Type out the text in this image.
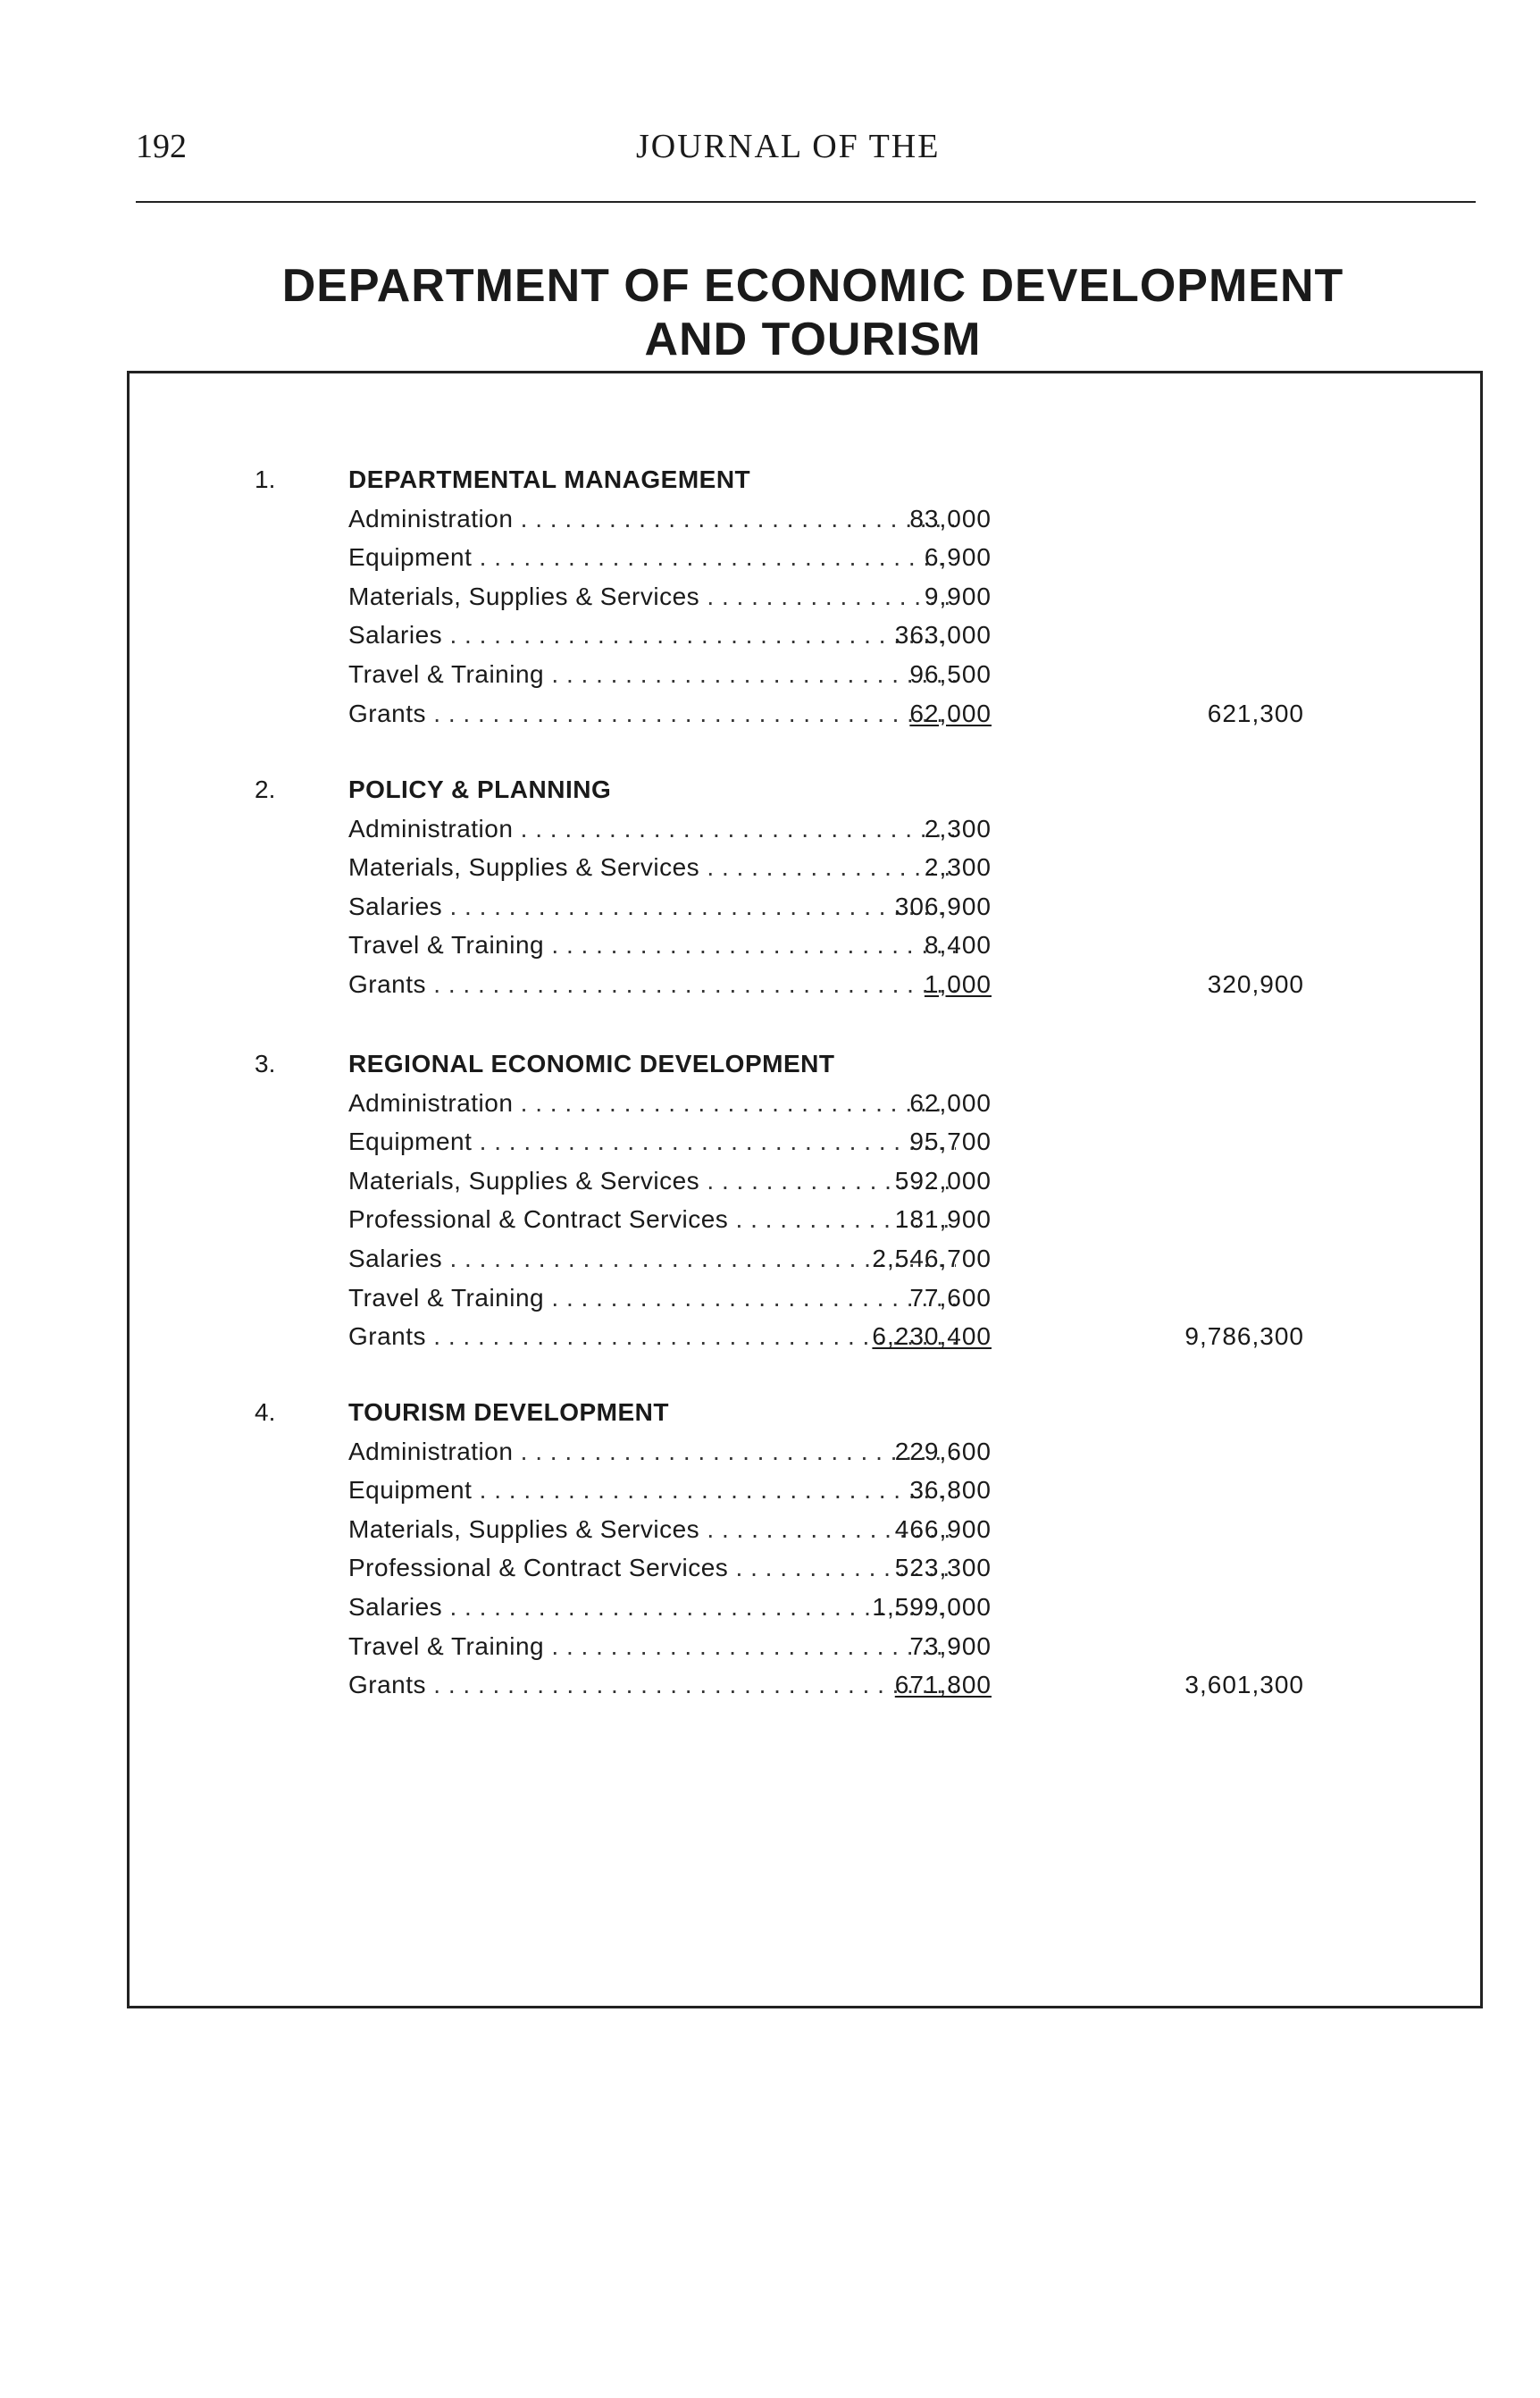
192	JOURNAL OF THE
DEPARTMENT OF ECONOMIC DEVELOPMENT
AND TOURISM
1.	DEPARTMENTAL MANAGEMENT
Administration . . .	83,000
Equipment . . .	6,900
Materials, Supplies & Services . . .	9,900
Salaries . . .	363,000
Travel & Training . . .	96,500
Grants . . .	62,000	621,300
2.	POLICY & PLANNING
Administration . . .	2,300
Materials, Supplies & Services . . .	2,300
Salaries . . .	306,900
Travel & Training . . .	8,400
Grants . . .	1,000	320,900
3.	REGIONAL ECONOMIC DEVELOPMENT
Administration . . .	62,000
Equipment . . .	95,700
Materials, Supplies & Services . . .	592,000
Professional & Contract Services . . .	181,900
Salaries . . .	2,546,700
Travel & Training . . .	77,600
Grants . . .	6,230,400	9,786,300
4.	TOURISM DEVELOPMENT
Administration . . .	229,600
Equipment . . .	36,800
Materials, Supplies & Services . . .	466,900
Professional & Contract Services . . .	523,300
Salaries . . .	1,599,000
Travel & Training . . .	73,900
Grants . . .	671,800	3,601,300
